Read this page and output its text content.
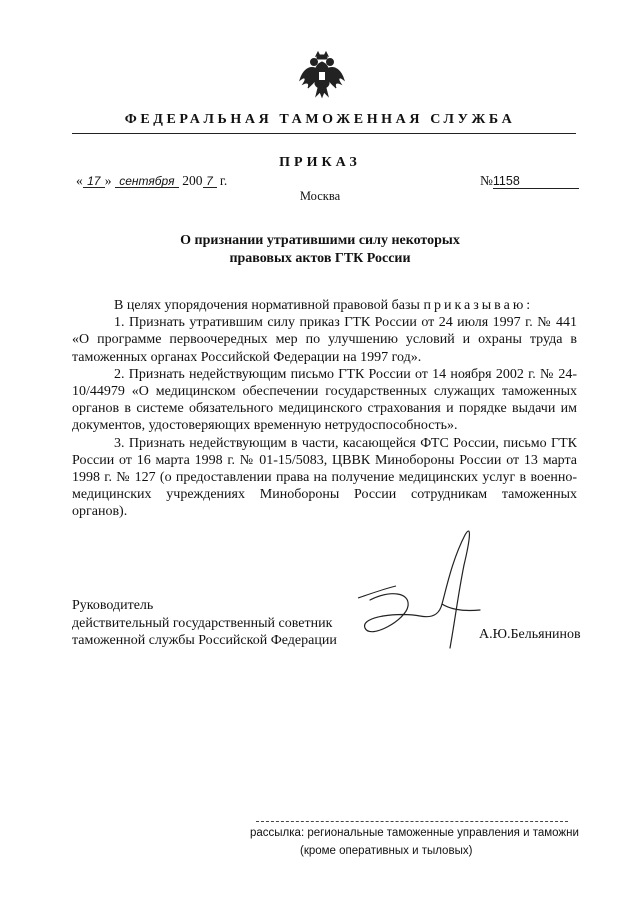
ФЕДЕРАЛЬНАЯ ТАМОЖЕННАЯ СЛУЖБА
ПРИКАЗ
« 17 » сентября 200 7 г.	№1158
Москва
О признании утратившими силу некоторых
правовых актов ГТК России

В целях упорядочения нормативной правовой базы приказываю:

1. Признать утратившим силу приказ ГТК России от 24 июля 1997 г. № 441 «О программе первоочередных мер по улучшению условий и охраны труда в таможенных органах Российской Федерации на 1997 год».

2. Признать недействующим письмо ГТК России от 14 ноября 2002 г. № 24-10/44979 «О медицинском обеспечении государственных служащих таможенных органов в системе обязательного медицинского страхования и порядке выдачи им документов, удостоверяющих временную нетрудоспособность».

3. Признать недействующим в части, касающейся ФТС России, письмо ГТК России от 16 марта 1998 г. № 01-15/5083, ЦВВК Минобороны России от 13 марта 1998 г. № 127 (о предоставлении права на получение медицинских услуг в военно-медицинских учреждениях Минобороны России сотрудникам таможенных органов).

Руководитель
действительный государственный советник
таможенной службы Российской Федерации	А.Ю.Бельянинов
рассылка: региональные таможенные управления и таможни
(кроме оперативных и тыловых)
